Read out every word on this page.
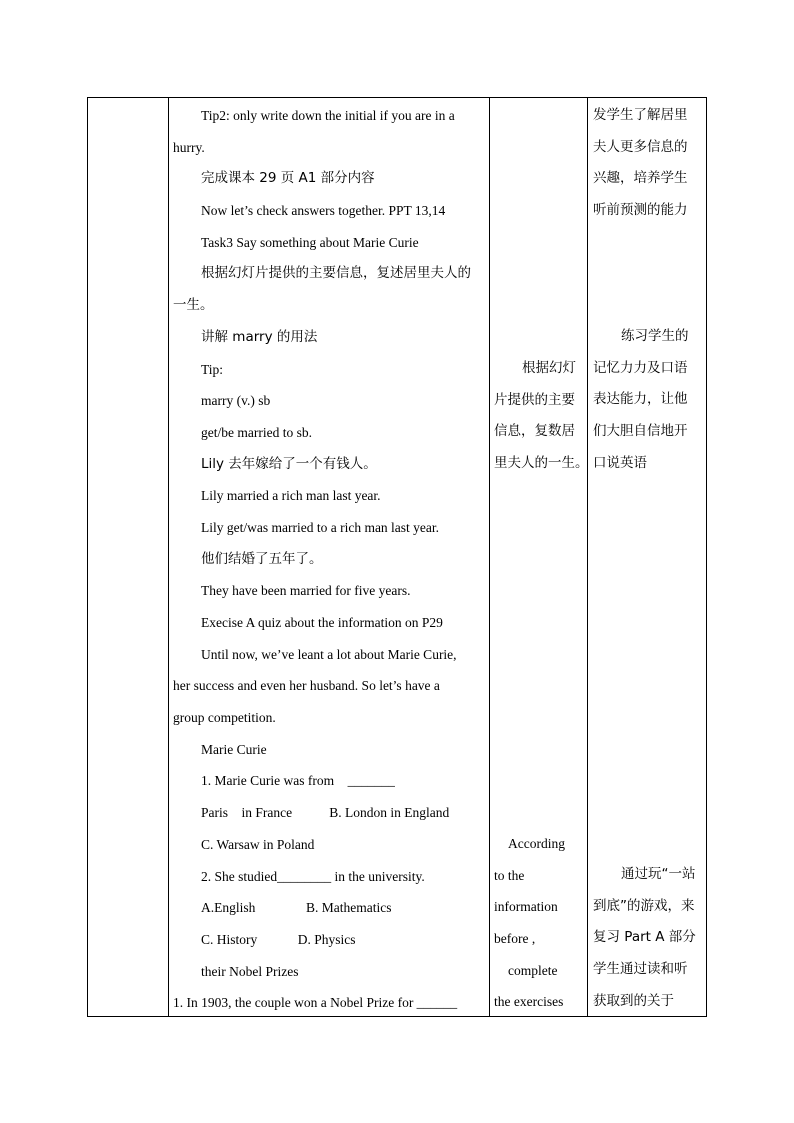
Tip2: only write down the initial if you are in a
hurry.
完成课本 29 页 A1 部分内容
Now let’s check answers together. PPT 13,14
Task3 Say something about Marie Curie
根据幻灯片提供的主要信息，复述居里夫人的
一生。
讲解 marry 的用法
Tip:
marry (v.) sb
get/be married to sb.
Lily 去年嫁给了一个有钱人。
Lily married a rich man last year.
Lily get/was married to a rich man last year.
他们结婚了五年了。
They have been married for five years.
Execise A quiz about the information on P29
Until now, we’ve leant a lot about Marie Curie,
her success and even her husband. So let’s have a
group competition.
Marie Curie
1. Marie Curie was from    _______
Paris    in France           B. London in England
C. Warsaw in Poland
2. She studied________ in the university.
A.English               B. Mathematics
C. History            D. Physics
their Nobel Prizes
1. In 1903, the couple won a Nobel Prize for ______
根据幻灯
片提供的主要
信息，复数居
里夫人的一生。
According
to the
information
before ,
complete
the exercises
发学生了解居里
夫人更多信息的
兴趣，培养学生
听前预测的能力
练习学生的
记忆力力及口语
表达能力，让他
们大胆自信地开
口说英语
通过玩“一站
到底”的游戏，来
复习 Part A 部分
学生通过读和听
获取到的关于
